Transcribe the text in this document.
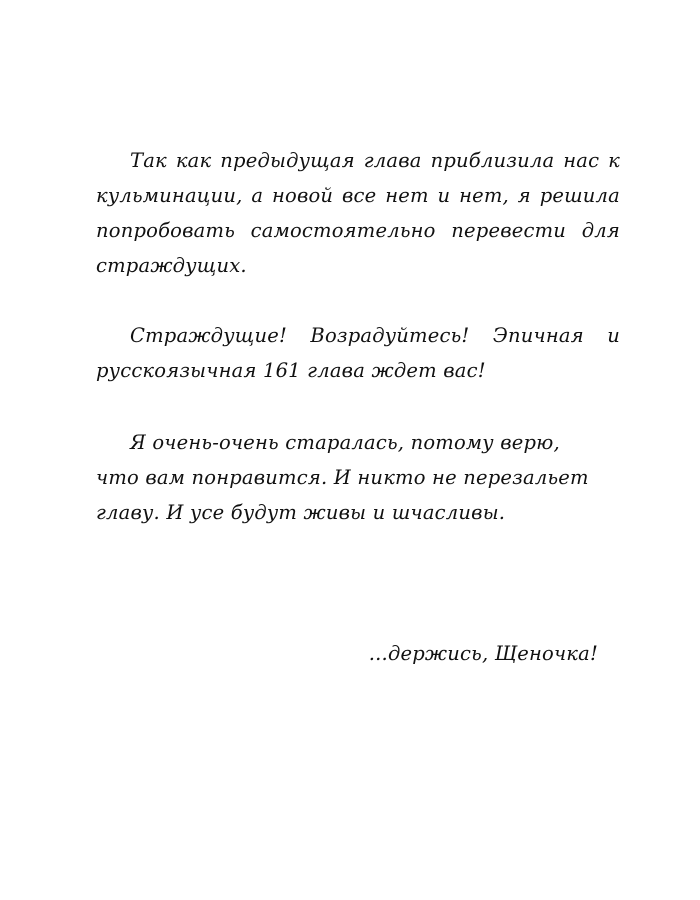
Так как предыдущая глава приблизила нас к кульминации, а новой все нет и нет, я решила попробовать самостоятельно перевести для страждущих.

Страждущие! Возрадуйтесь! Эпичная и русскоязычная 161 глава ждет вас!

Я очень-очень старалась, потому верю,
что вам понравится. И никто не перезальет
главу. И усе будут живы и шчасливы.
...держись, Щеночка!
